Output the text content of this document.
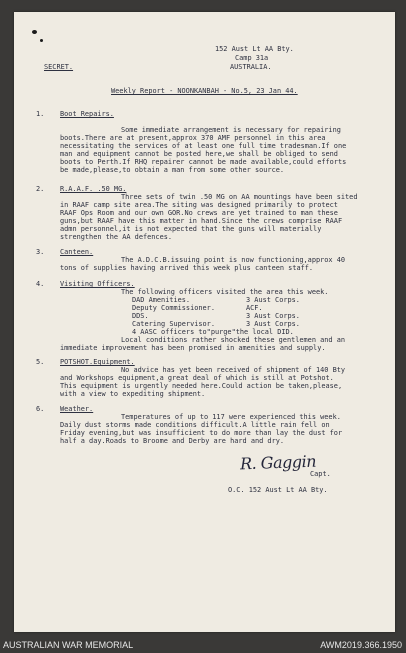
152 Aust Lt AA Bty.
Camp 31a
AUSTRALIA.
SECRET.
Weekly Report - NOONKANBAH - No.5, 23 Jan 44.
1. Boot Repairs.
Some immediate arrangement is necessary for repairing
boots.There are at present,approx 370 AMF personnel in this area
necessitating the services of at least one full time tradesman.If one
man and equipment cannot be posted here,we shall be obliged to send
boots to Perth.If RHQ repairer cannot be made available,could efforts
be made,please,to obtain a man from some other source.
2. R.A.A.F. .50 MG.
Three sets of twin .50 MG on AA mountings have been sited
in RAAF camp site area.The siting was designed primarily to protect
RAAF Ops Room and our own GOR.No crews are yet trained to man these
guns,but RAAF have this matter in hand.Since the crews comprise RAAF
admn personnel,it is not expected that the guns will materially
strengthen the AA defences.
3. Canteen.
The A.D.C.B.issuing point is now functioning,approx 40
tons of supplies having arrived this week plus canteen staff.
4. Visiting Officers.
The following officers visited the area this week.
DAD Amenities.	3 Aust Corps.
Deputy Commissioner.	ACF.
DDS.	3 Aust Corps.
Catering Supervisor.	3 Aust Corps.
4 AASC officers to"purge"the local DID.
Local conditions rather shocked these gentlemen and an
immediate improvement has been promised in amenities and supply.
5. POTSHOT.Equipment.
No advice has yet been received of shipment of 140 Bty
and Workshops equipment,a great deal of which is still at Potshot.
This equipment is urgently needed here.Could action be taken,please,
with a view to expediting shipment.
6. Weather.
Temperatures of up to 117 were experienced this week.
Daily dust storms made conditions difficult.A little rain fell on
Friday evening,but was insufficient to do more than lay the dust for
half a day.Roads to Broome and Derby are hard and dry.
R. Gaggin
Capt.
O.C. 152 Aust Lt AA Bty.
AUSTRALIAN WAR MEMORIAL	AWM2019.366.1950
